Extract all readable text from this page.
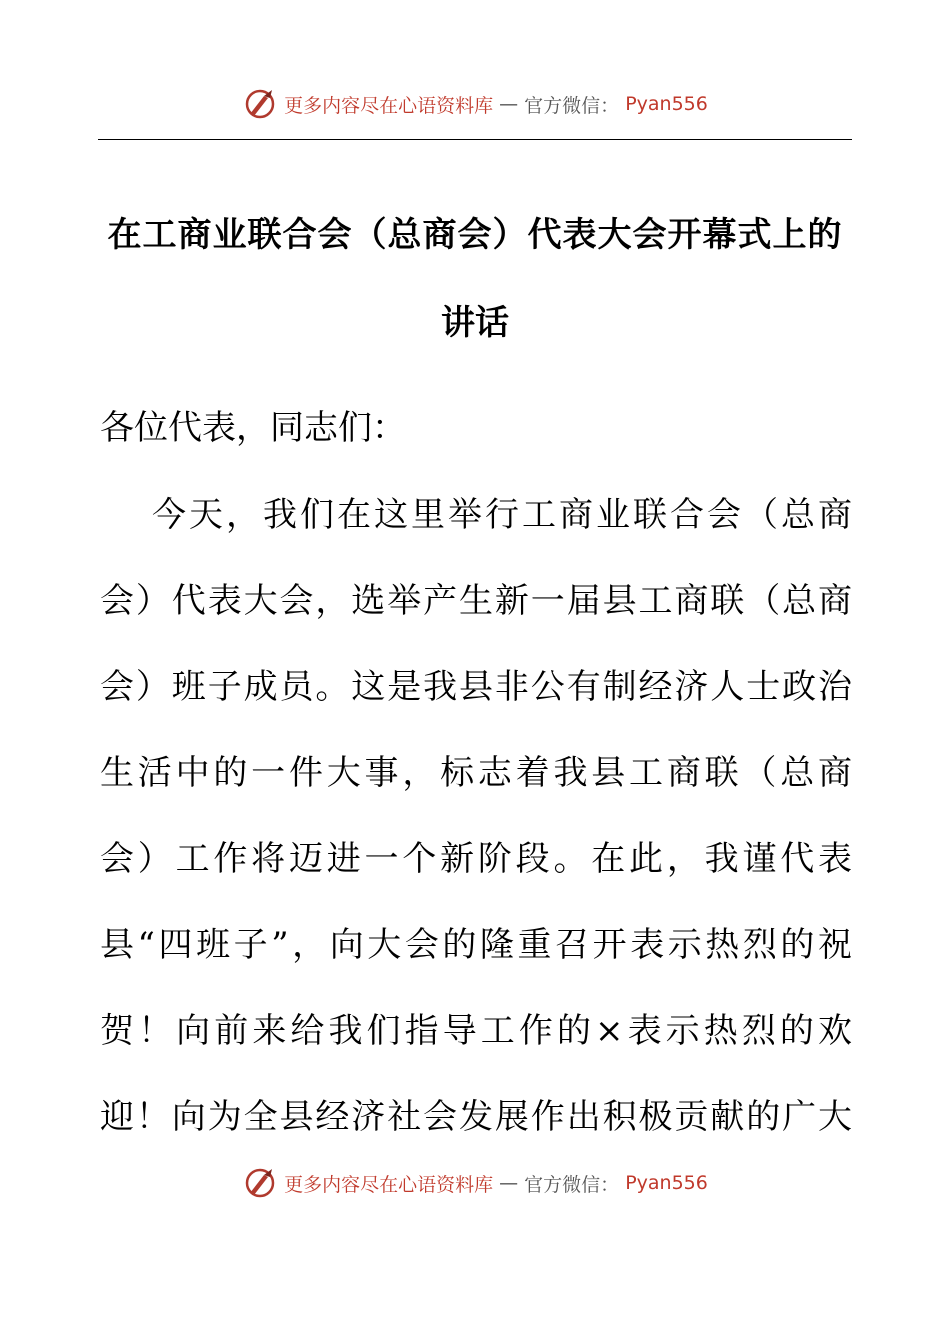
更多内容尽在心语资料库 — 官方微信： Pyan556
在工商业联合会（总商会）代表大会开幕式上的
讲话
各位代表，同志们：
今天，我们在这里举行工商业联合会（总商
会）代表大会，选举产生新一届县工商联（总商
会）班子成员。这是我县非公有制经济人士政治
生活中的一件大事，标志着我县工商联（总商
会）工作将迈进一个新阶段。在此，我谨代表
县“四班子”，向大会的隆重召开表示热烈的祝
贺！向前来给我们指导工作的×表示热烈的欢
迎！向为全县经济社会发展作出积极贡献的广大
更多内容尽在心语资料库 — 官方微信： Pyan556
